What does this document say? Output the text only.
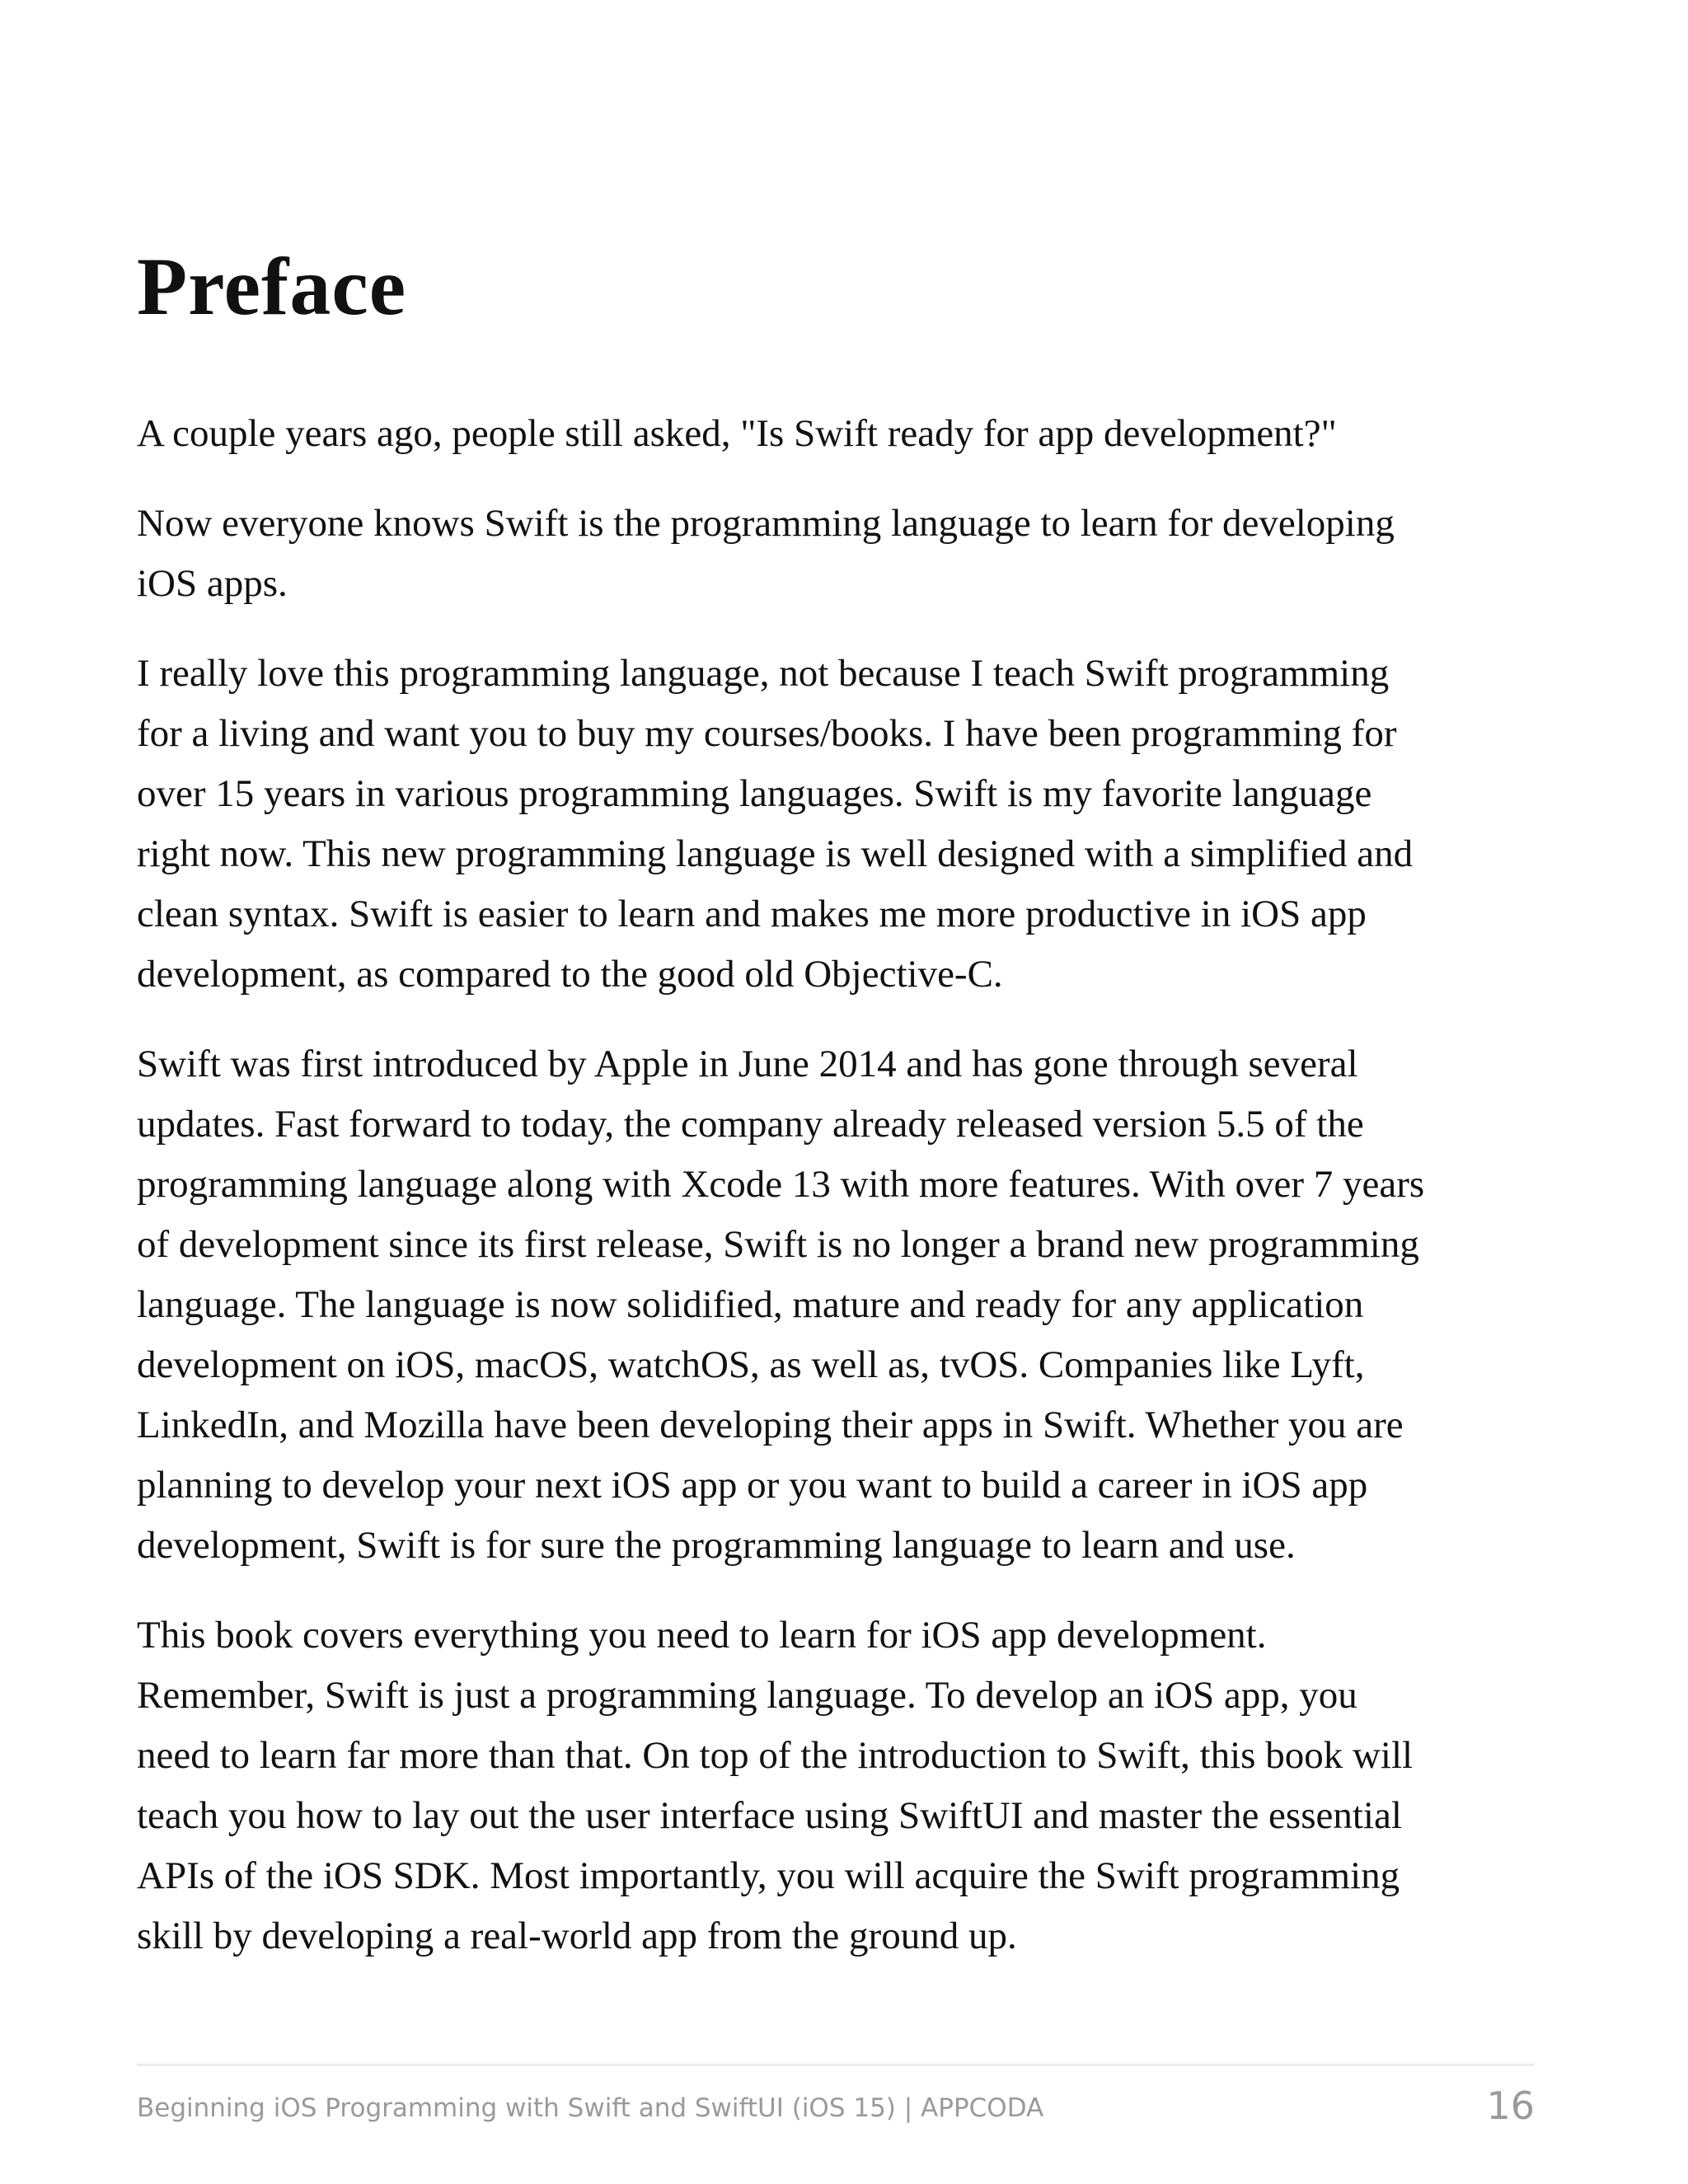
Preface

A couple years ago, people still asked, "Is Swift ready for app development?"

Now everyone knows Swift is the programming language to learn for developing
iOS apps.

I really love this programming language, not because I teach Swift programming
for a living and want you to buy my courses/books. I have been programming for
over 15 years in various programming languages. Swift is my favorite language
right now. This new programming language is well designed with a simplified and
clean syntax. Swift is easier to learn and makes me more productive in iOS app
development, as compared to the good old Objective-C.

Swift was first introduced by Apple in June 2014 and has gone through several
updates. Fast forward to today, the company already released version 5.5 of the
programming language along with Xcode 13 with more features. With over 7 years
of development since its first release, Swift is no longer a brand new programming
language. The language is now solidified, mature and ready for any application
development on iOS, macOS, watchOS, as well as, tvOS. Companies like Lyft,
LinkedIn, and Mozilla have been developing their apps in Swift. Whether you are
planning to develop your next iOS app or you want to build a career in iOS app
development, Swift is for sure the programming language to learn and use.

This book covers everything you need to learn for iOS app development.
Remember, Swift is just a programming language. To develop an iOS app, you
need to learn far more than that. On top of the introduction to Swift, this book will
teach you how to lay out the user interface using SwiftUI and master the essential
APIs of the iOS SDK. Most importantly, you will acquire the Swift programming
skill by developing a real-world app from the ground up.

Beginning iOS Programming with Swift and SwiftUI (iOS 15) | APPCODA	16
